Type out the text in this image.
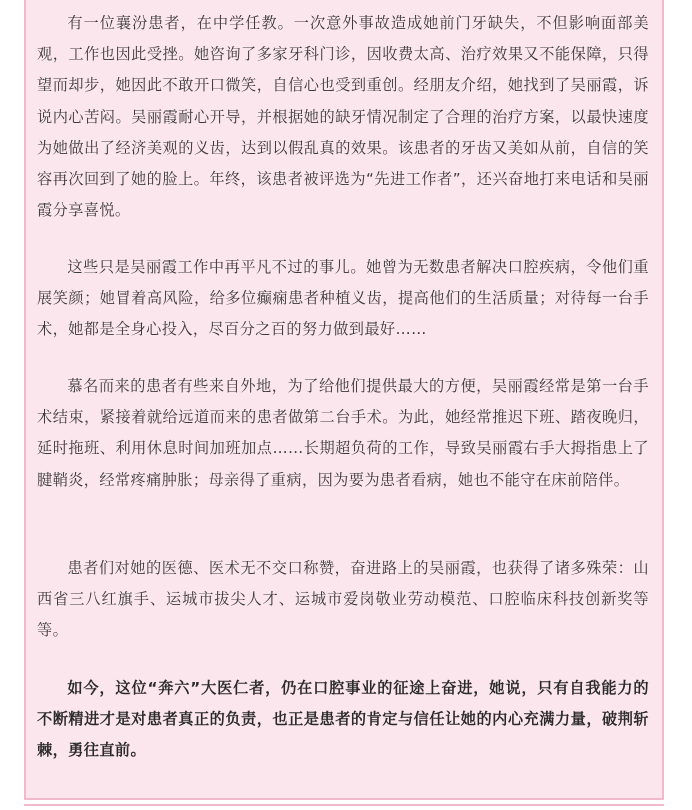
有一位襄汾患者，在中学任教。一次意外事故造成她前门牙缺失，不但影响面部美观，工作也因此受挫。她咨询了多家牙科门诊，因收费太高、治疗效果又不能保障，只得望而却步，她因此不敢开口微笑，自信心也受到重创。经朋友介绍，她找到了吴丽霞，诉说内心苦闷。吴丽霞耐心开导，并根据她的缺牙情况制定了合理的治疗方案，以最快速度为她做出了经济美观的义齿，达到以假乱真的效果。该患者的牙齿又美如从前，自信的笑容再次回到了她的脸上。年终，该患者被评选为“先进工作者”，还兴奋地打来电话和吴丽霞分享喜悦。

这些只是吴丽霞工作中再平凡不过的事儿。她曾为无数患者解决口腔疾病，令他们重展笑颜；她冒着高风险，给多位癫痫患者种植义齿，提高他们的生活质量；对待每一台手术，她都是全身心投入，尽百分之百的努力做到最好……

慕名而来的患者有些来自外地，为了给他们提供最大的方便，吴丽霞经常是第一台手术结束，紧接着就给远道而来的患者做第二台手术。为此，她经常推迟下班、踏夜晚归，延时拖班、利用休息时间加班加点……长期超负荷的工作，导致吴丽霞右手大拇指患上了腱鞘炎，经常疼痛肿胀；母亲得了重病，因为要为患者看病，她也不能守在床前陪伴。

患者们对她的医德、医术无不交口称赞，奋进路上的吴丽霞，也获得了诸多殊荣：山西省三八红旗手、运城市拔尖人才、运城市爱岗敬业劳动模范、口腔临床科技创新奖等等。

如今，这位“奔六”大医仁者，仍在口腔事业的征途上奋进，她说，只有自我能力的不断精进才是对患者真正的负责，也正是患者的肯定与信任让她的内心充满力量，破荆斩棘，勇往直前。
